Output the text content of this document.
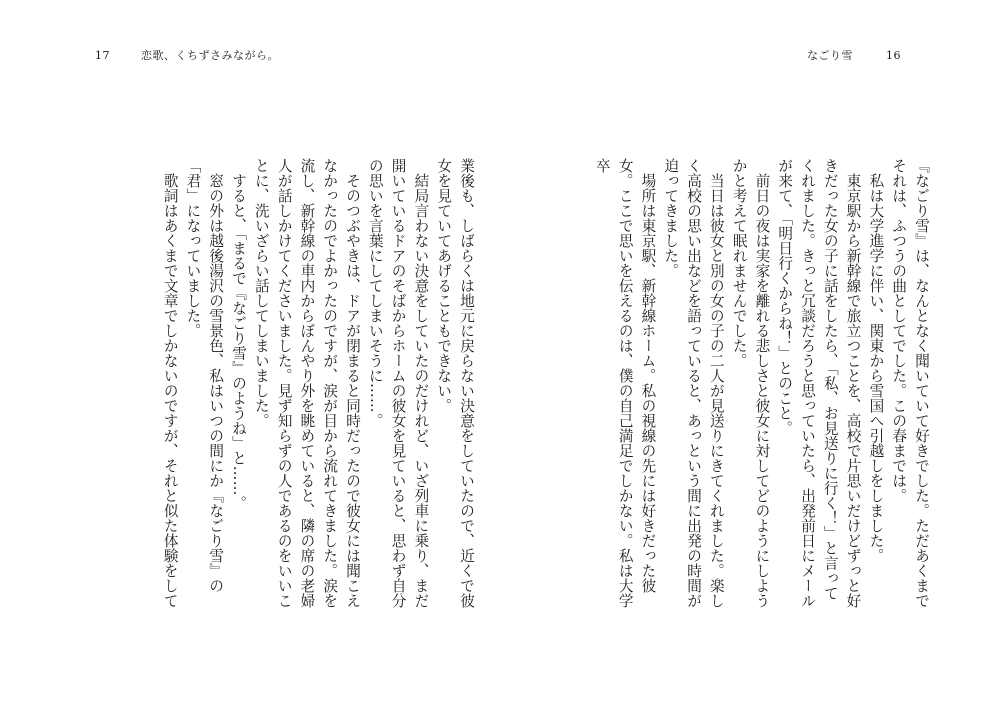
17	恋歌、くちずさみながら。	なごり雪	16

『なごり雪』は、なんとなく聞いていて好きでした。ただあくまでそれは、ふつうの曲としてでした。この春までは。

私は大学進学に伴い、関東から雪国へ引越しをしました。

東京駅から新幹線で旅立つことを、高校で片思いだけどずっと好きだった女の子に話をしたら、「私、お見送りに行く！」と言ってくれました。きっと冗談だろうと思っていたら、出発前日にメールが来て、「明日行くからね！」とのこと。

前日の夜は実家を離れる悲しさと彼女に対してどのようにしようかと考えて眠れませんでした。

当日は彼女と別の女の子の二人が見送りにきてくれました。楽しく高校の思い出などを語っていると、あっという間に出発の時間が迫ってきました。

場所は東京駅、新幹線ホーム。私の視線の先には好きだった彼女。ここで思いを伝えるのは、僕の自己満足でしかない。私は大学卒

業後も、しばらくは地元に戻らない決意をしていたので、近くで彼女を見ていてあげることもできない。

結局言わない決意をしていたのだけれど、いざ列車に乗り、まだ開いているドアのそばからホームの彼女を見ていると、思わず自分の思いを言葉にしてしまいそうに……。

そのつぶやきは、ドアが閉まると同時だったので彼女には聞こえなかったのでよかったのですが、涙が目から流れてきました。涙を流し、新幹線の車内からぼんやり外を眺めていると、隣の席の老婦人が話しかけてくださいました。見ず知らずの人であるのをいいことに、洗いざらい話してしまいました。

すると、「まるで『なごり雪』のようね」と……。

窓の外は越後湯沢の雪景色、私はいつの間にか『なごり雪』の「君」になっていました。

歌詞はあくまで文章でしかないのですが、それと似た体験をして
